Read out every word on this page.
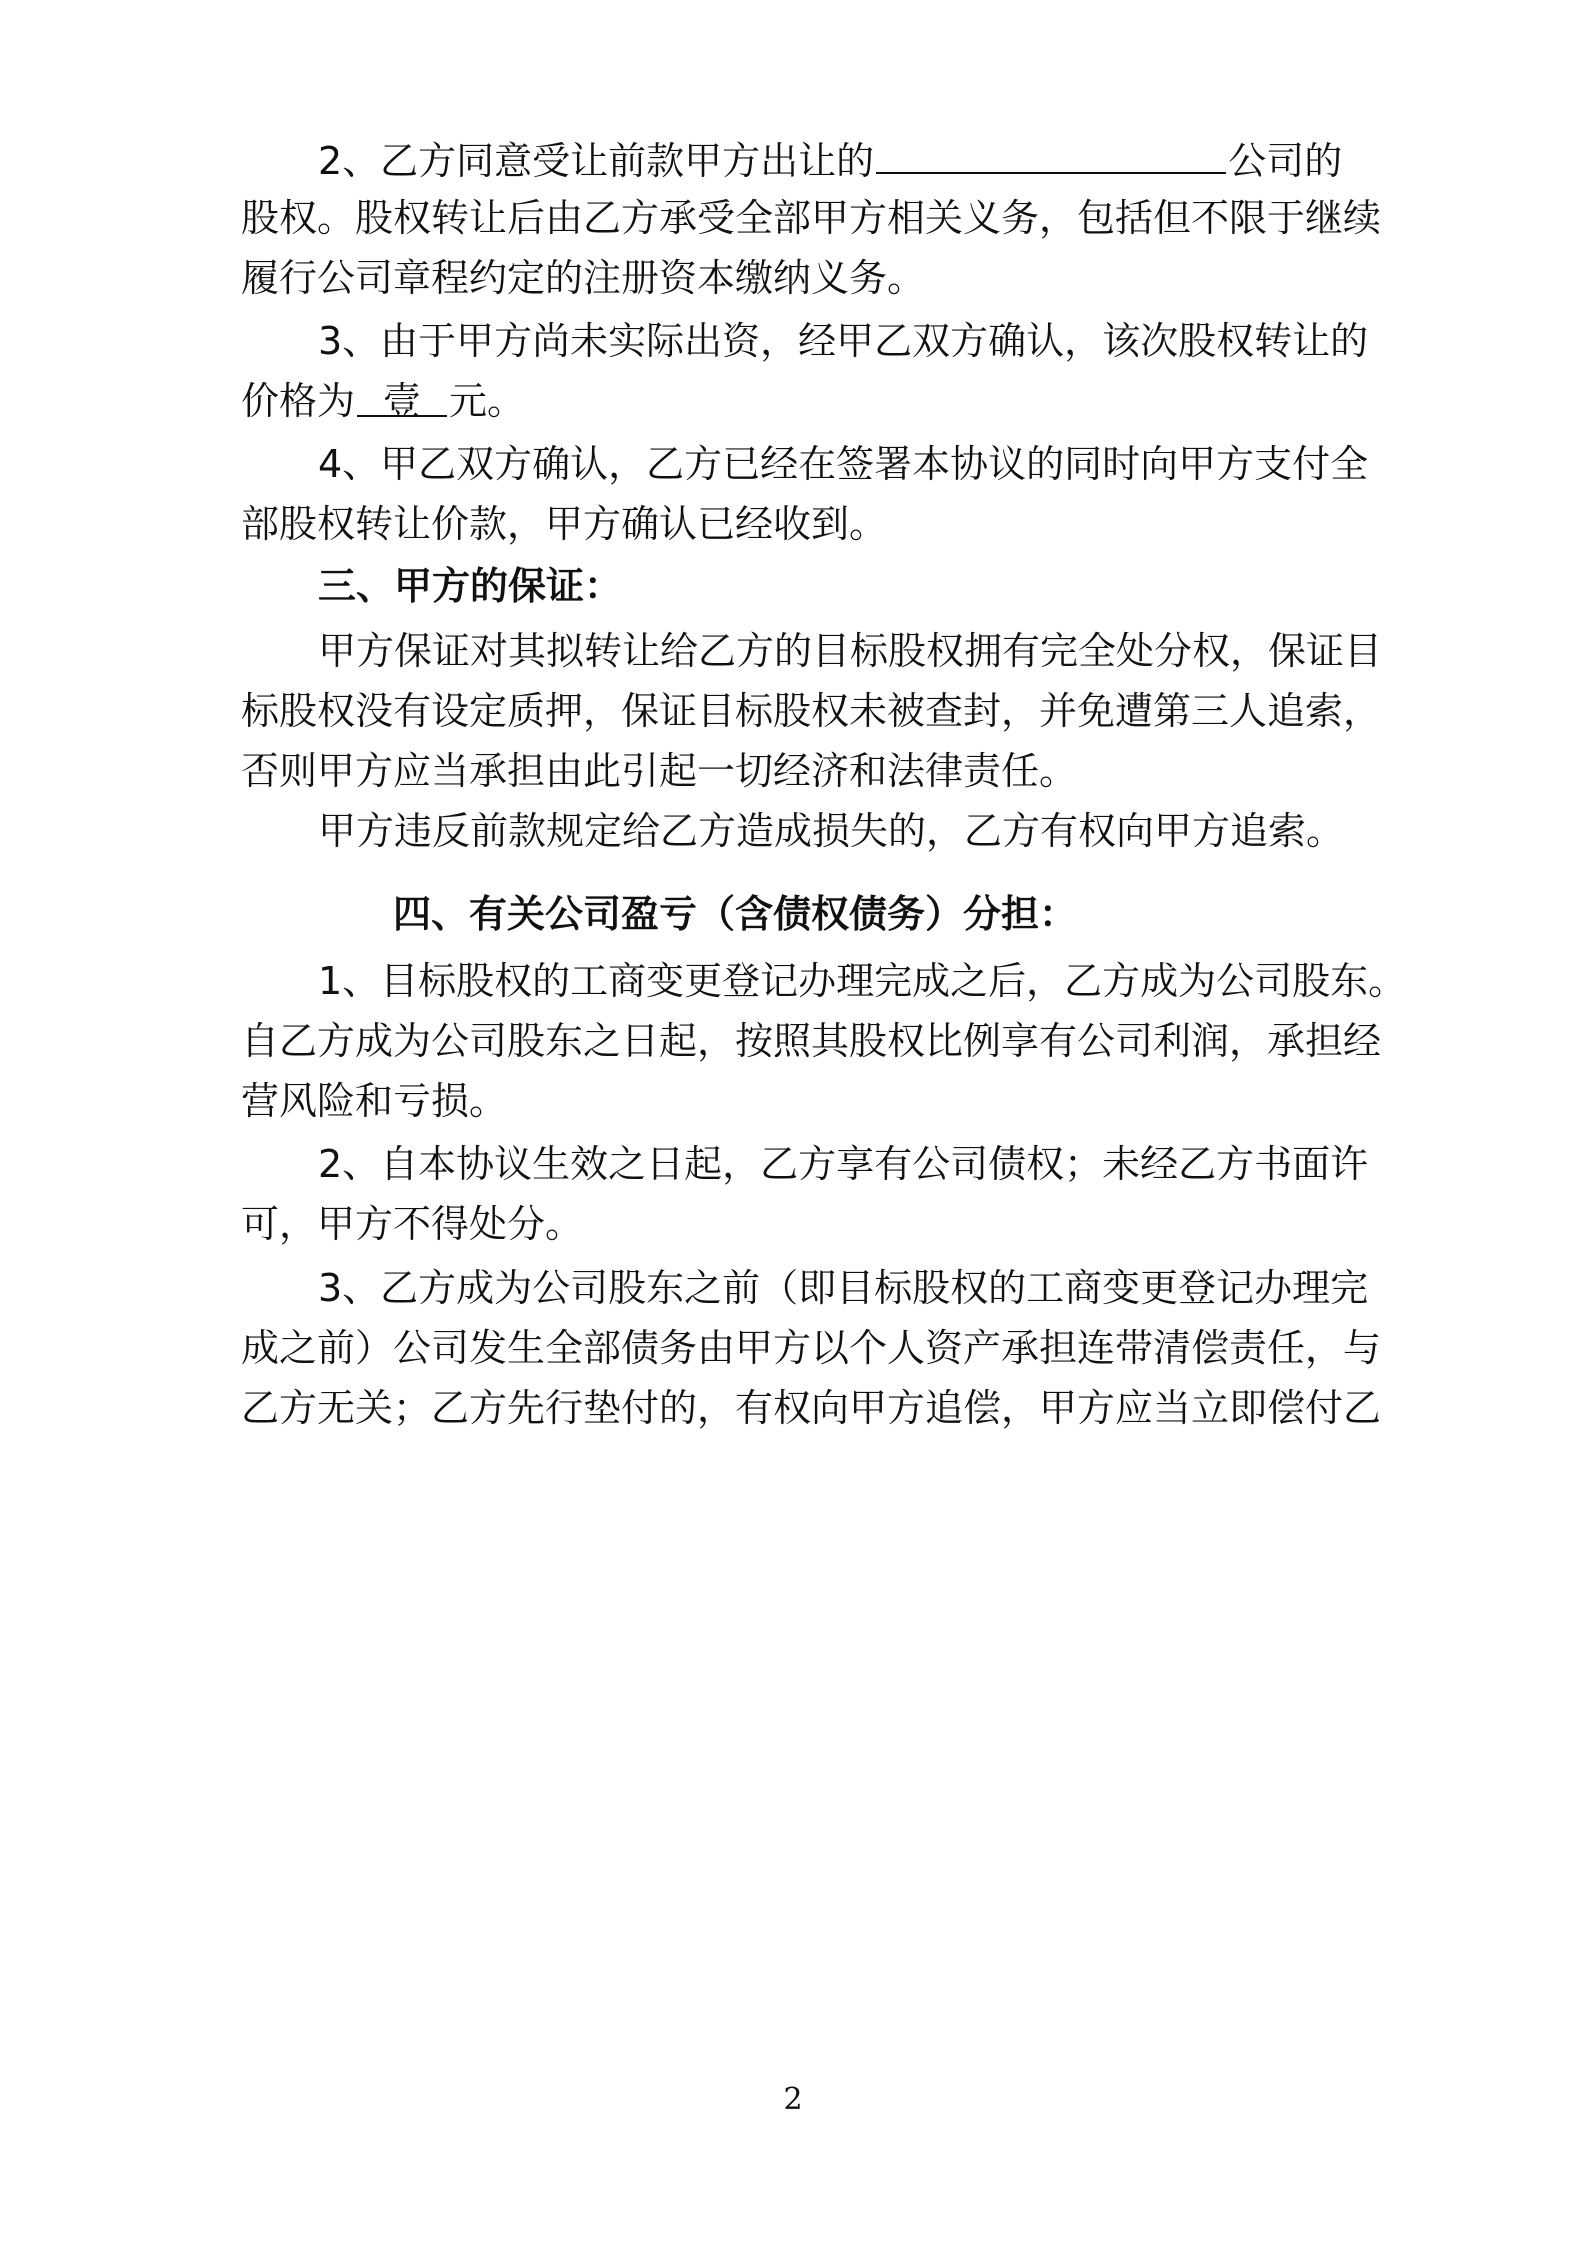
2、乙方同意受让前款甲方出让的	公司的
股权。股权转让后由乙方承受全部甲方相关义务，包括但不限于继续
履行公司章程约定的注册资本缴纳义务。
3、由于甲方尚未实际出资，经甲乙双方确认，该次股权转让的
价格为 壹 元。
4、甲乙双方确认，乙方已经在签署本协议的同时向甲方支付全
部股权转让价款，甲方确认已经收到。
三、甲方的保证：
甲方保证对其拟转让给乙方的目标股权拥有完全处分权，保证目
标股权没有设定质押，保证目标股权未被查封，并免遭第三人追索，
否则甲方应当承担由此引起一切经济和法律责任。
甲方违反前款规定给乙方造成损失的，乙方有权向甲方追索。
四、有关公司盈亏（含债权债务）分担：
1、目标股权的工商变更登记办理完成之后，乙方成为公司股东。
自乙方成为公司股东之日起，按照其股权比例享有公司利润，承担经
营风险和亏损。
2、自本协议生效之日起，乙方享有公司债权；未经乙方书面许
可，甲方不得处分。
3、乙方成为公司股东之前（即目标股权的工商变更登记办理完
成之前）公司发生全部债务由甲方以个人资产承担连带清偿责任，与
乙方无关；乙方先行垫付的，有权向甲方追偿，甲方应当立即偿付乙
2
